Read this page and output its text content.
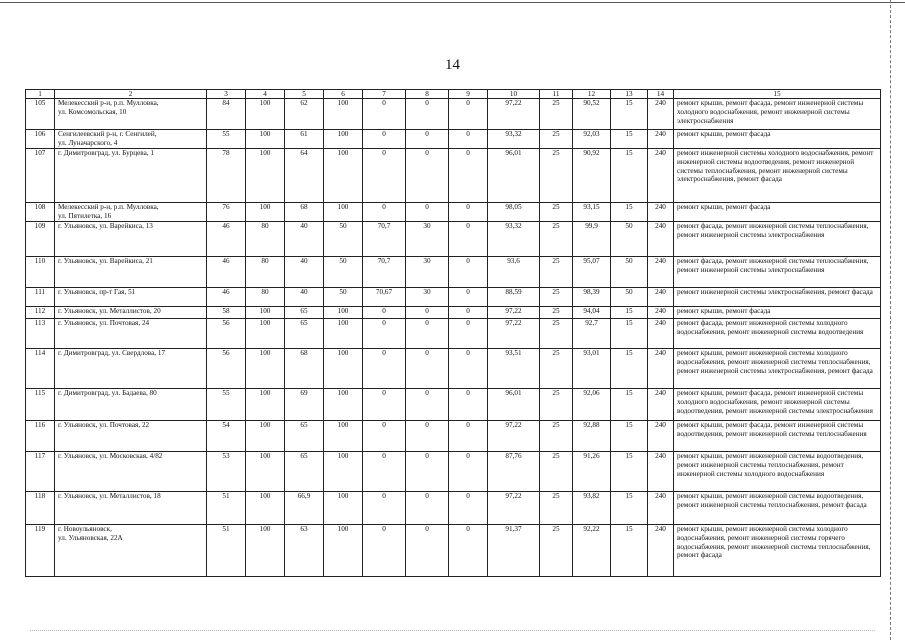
14
1	2	3	4	5	6	7	8	9	10	11	12	13	14	15
105	Мелекесский р-н, р.п. Мулловка,
ул. Комсомольская, 10	84	100	62	100	0	0	0	97,22	25	90,52	15	240	ремонт крыши, ремонт фасада, ремонт инженерной системы холодного водоснабжения, ремонт инженерной системы электроснабжения
106	Сенгилеевский р-н, г. Сенгилей,
ул. Луначарского, 4	55	100	61	100	0	0	0	93,32	25	92,03	15	240	ремонт крыши, ремонт фасада
107	г. Димитровград, ул. Бурцева, 1	78	100	64	100	0	0	0	96,01	25	90,92	15	240	ремонт инженерной системы холодного водоснабжения, ремонт инженерной системы водоотведения, ремонт инженерной системы теплоснабжения, ремонт инженерной системы электроснабжения, ремонт фасада
108	Мелекесский р-н, р.п. Мулловка,
ул. Пятилетка, 16	76	100	68	100	0	0	0	98,05	25	93,15	15	240	ремонт крыши, ремонт фасада
109	г. Ульяновск, ул. Варейкиса, 13	46	80	40	50	70,7	30	0	93,32	25	99,9	50	240	ремонт фасада, ремонт инженерной системы теплоснабжения, ремонт инженерной системы электроснабжения
110	г. Ульяновск, ул. Варейкиса, 21	46	80	40	50	70,7	30	0	93,6	25	95,07	50	240	ремонт фасада, ремонт инженерной системы теплоснабжения, ремонт инженерной системы электроснабжения
111	г. Ульяновск, пр-т Гая, 51	46	80	40	50	70,67	30	0	88,59	25	98,39	50	240	ремонт инженерной системы электроснабжения, ремонт фасада
112	г. Ульяновск, ул. Металлистов, 20	58	100	65	100	0	0	0	97,22	25	94,04	15	240	ремонт крыши, ремонт фасада
113	г. Ульяновск, ул. Почтовая, 24	56	100	65	100	0	0	0	97,22	25	92,7	15	240	ремонт фасада, ремонт инженерной системы холодного водоснабжения, ремонт инженерной системы водоотведения
114	г. Димитровград, ул. Свердлова, 17	56	100	68	100	0	0	0	93,51	25	93,01	15	240	ремонт крыши, ремонт инженерной системы холодного водоснабжения, ремонт инженерной системы теплоснабжения, ремонт инженерной системы электроснабжения, ремонт фасада
115	г. Димитровград, ул. Бадаева, 80	55	100	69	100	0	0	0	96,01	25	92,06	15	240	ремонт крыши, ремонт фасада, ремонт инженерной системы холодного водоснабжения, ремонт инженерной системы водоотведения, ремонт инженерной системы электроснабжения
116	г. Ульяновск, ул. Почтовая, 22	54	100	65	100	0	0	0	97,22	25	92,88	15	240	ремонт крыши, ремонт фасада, ремонт инженерной системы водоотведения, ремонт инженерной системы теплоснабжения
117	г. Ульяновск, ул. Московская, 4/82	53	100	65	100	0	0	0	87,76	25	91,26	15	240	ремонт крыши, ремонт инженерной системы водоотведения, ремонт инженерной системы теплоснабжения, ремонт инженерной системы холодного водоснабжения
118	г. Ульяновск, ул. Металлистов, 18	51	100	66,9	100	0	0	0	97,22	25	93,82	15	240	ремонт крыши, ремонт инженерной системы водоотведения, ремонт инженерной системы теплоснабжения, ремонт фасада
119	г. Новоульяновск,
ул. Ульяновская, 22А	51	100	63	100	0	0	0	91,37	25	92,22	15	240	ремонт крыши, ремонт инженерной системы холодного водоснабжения, ремонт инженерной системы горячего водоснабжения, ремонт инженерной системы теплоснабжения, ремонт фасада
